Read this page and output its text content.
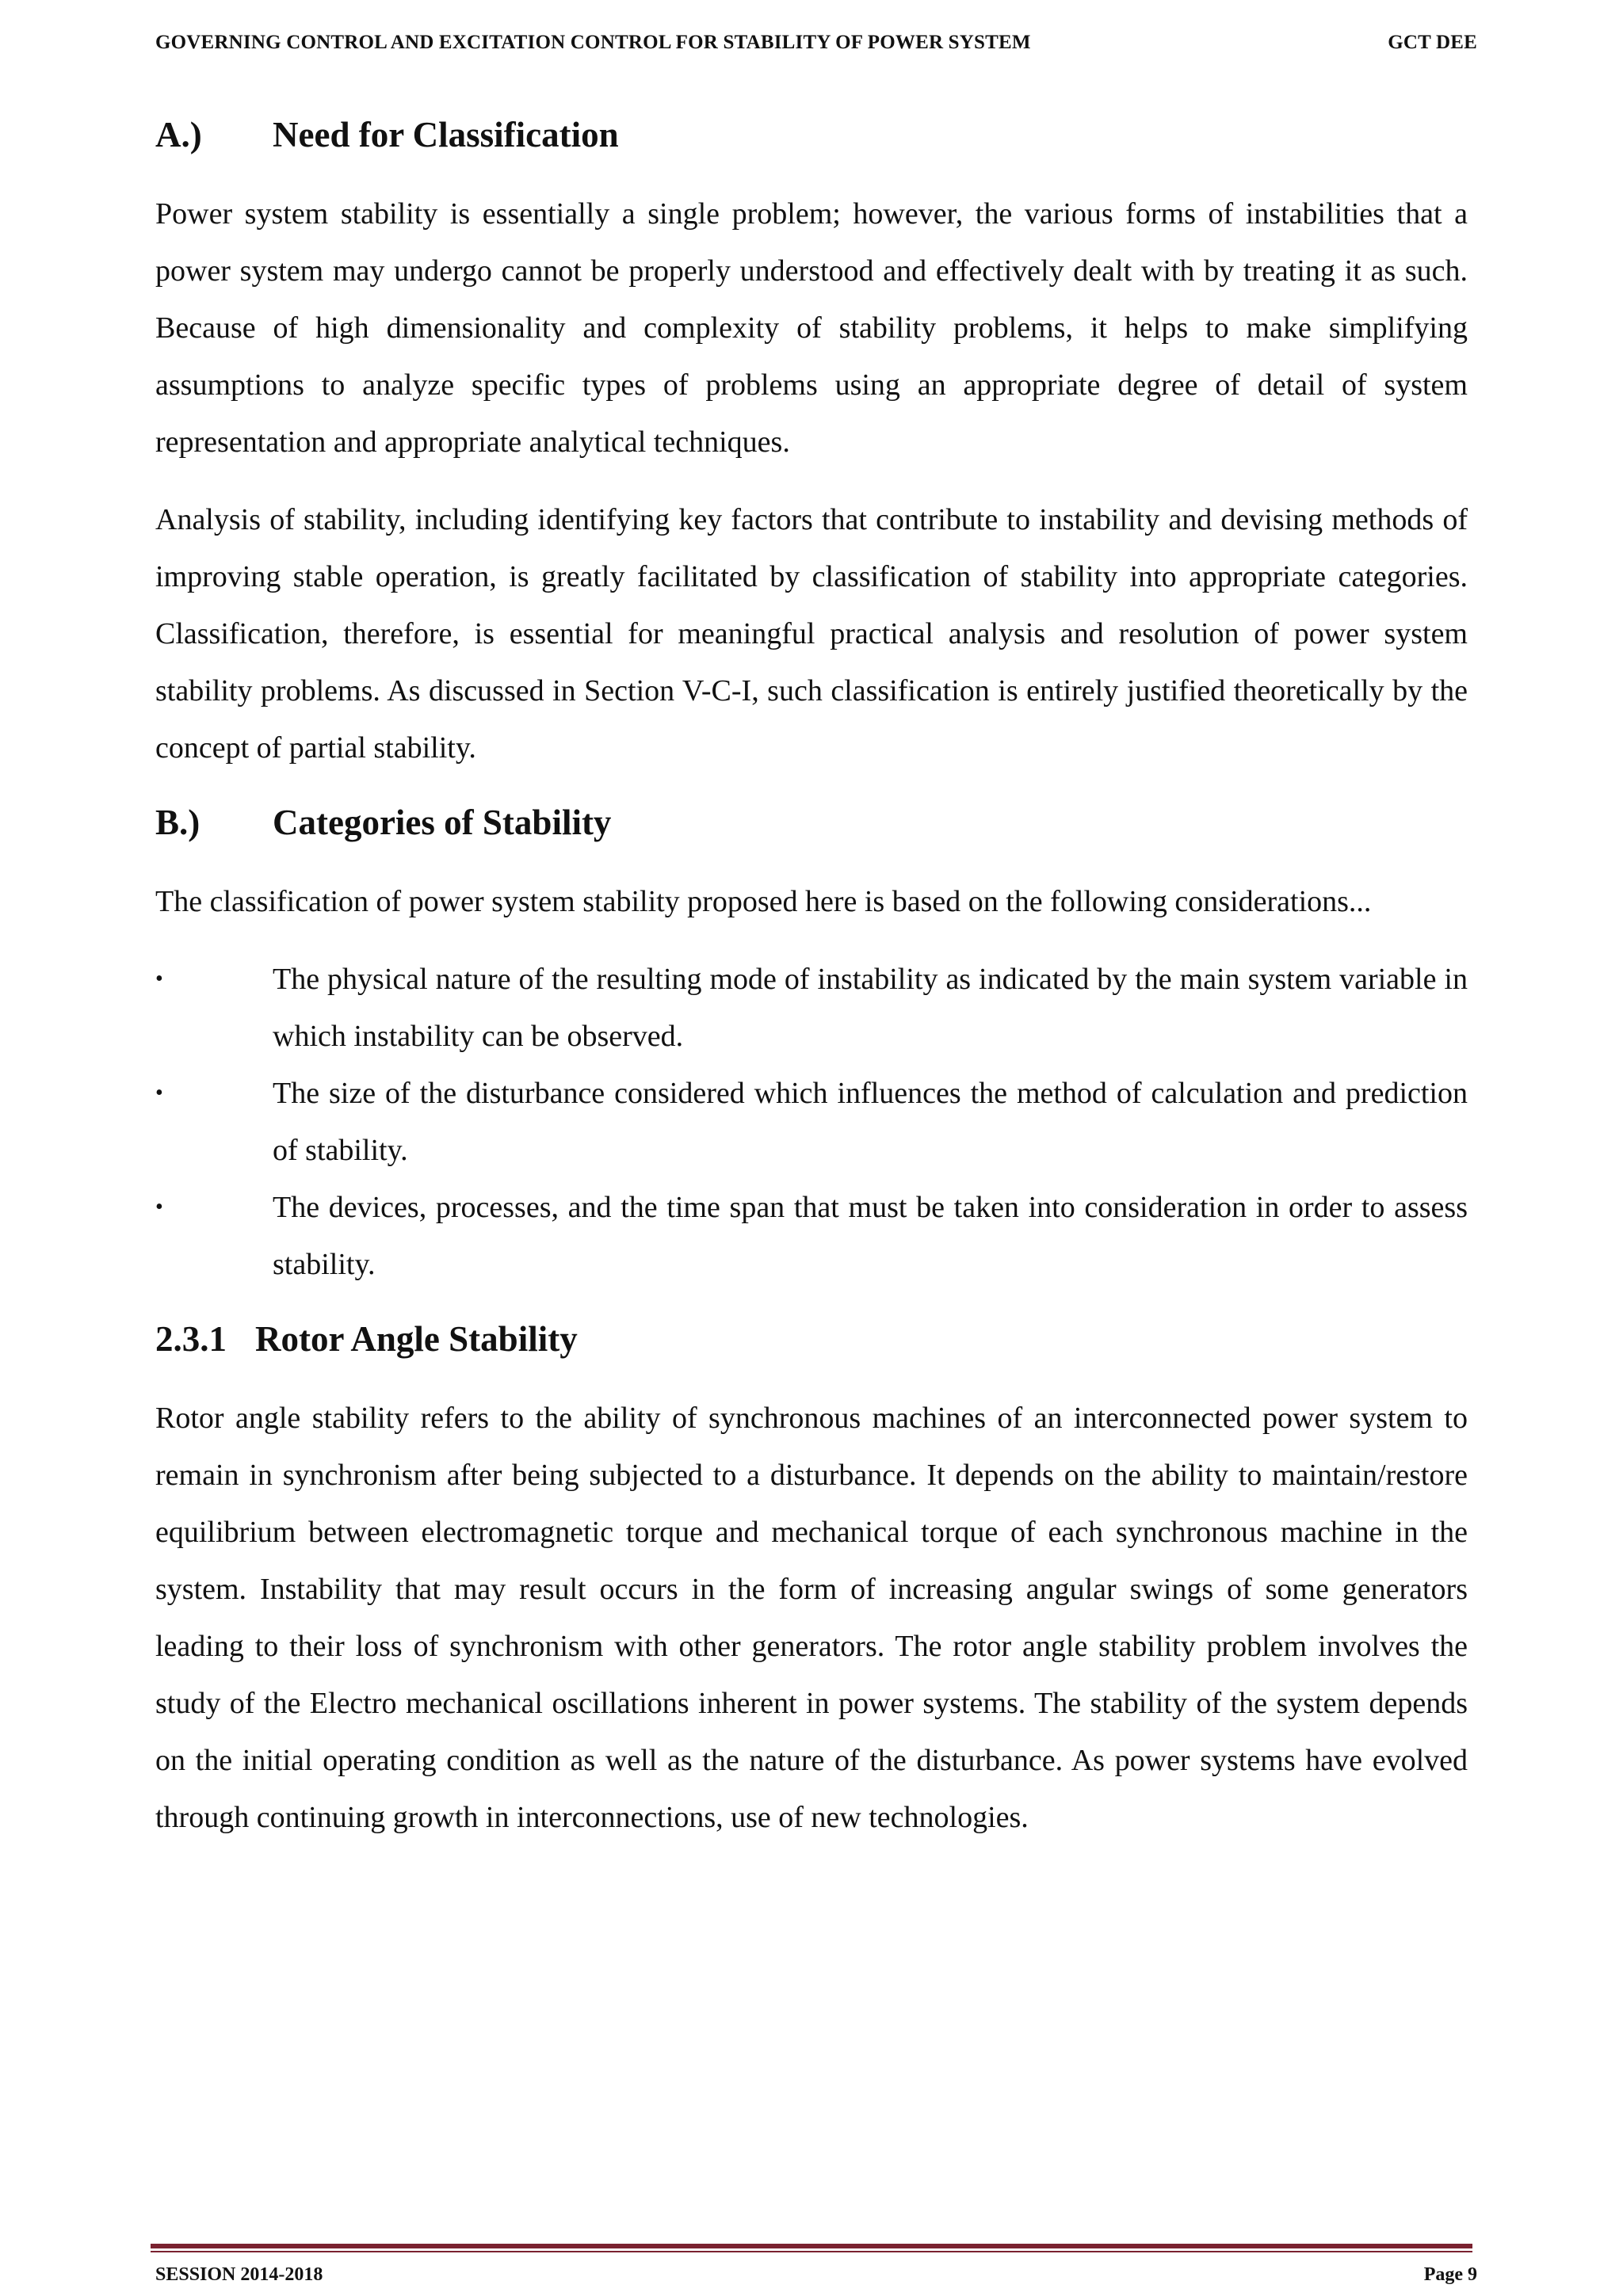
GOVERNING CONTROL AND EXCITATION CONTROL FOR STABILITY OF POWER SYSTEM	GCT DEE
A.)	Need for Classification

Power system stability is essentially a single problem; however, the various forms of instabilities that a power system may undergo cannot be properly understood and effectively dealt with by treating it as such. Because of high dimensionality and complexity of stability problems, it helps to make simplifying assumptions to analyze specific types of problems using an appropriate degree of detail of system representation and appropriate analytical techniques.

Analysis of stability, including identifying key factors that contribute to instability and devising methods of improving stable operation, is greatly facilitated by classification of stability into appropriate categories. Classification, therefore, is essential for meaningful practical analysis and resolution of power system stability problems. As discussed in Section V-C-I, such classification is entirely justified theoretically by the concept of partial stability.

B.)	Categories of Stability

The classification of power system stability proposed here is based on the following considerations...

•	The physical nature of the resulting mode of instability as indicated by the main system variable in which instability can be observed.
•	The size of the disturbance considered which influences the method of calculation and prediction of stability.
•	The devices, processes, and the time span that must be taken into consideration in order to assess stability.
2.3.1 Rotor Angle Stability

Rotor angle stability refers to the ability of synchronous machines of an interconnected power system to remain in synchronism after being subjected to a disturbance. It depends on the ability to maintain/restore equilibrium between electromagnetic torque and mechanical torque of each synchronous machine in the system. Instability that may result occurs in the form of increasing angular swings of some generators leading to their loss of synchronism with other generators. The rotor angle stability problem involves the study of the Electro mechanical oscillations inherent in power systems. The stability of the system depends on the initial operating condition as well as the nature of the disturbance. As power systems have evolved through continuing growth in interconnections, use of new technologies.

SESSION 2014-2018	Page 9
